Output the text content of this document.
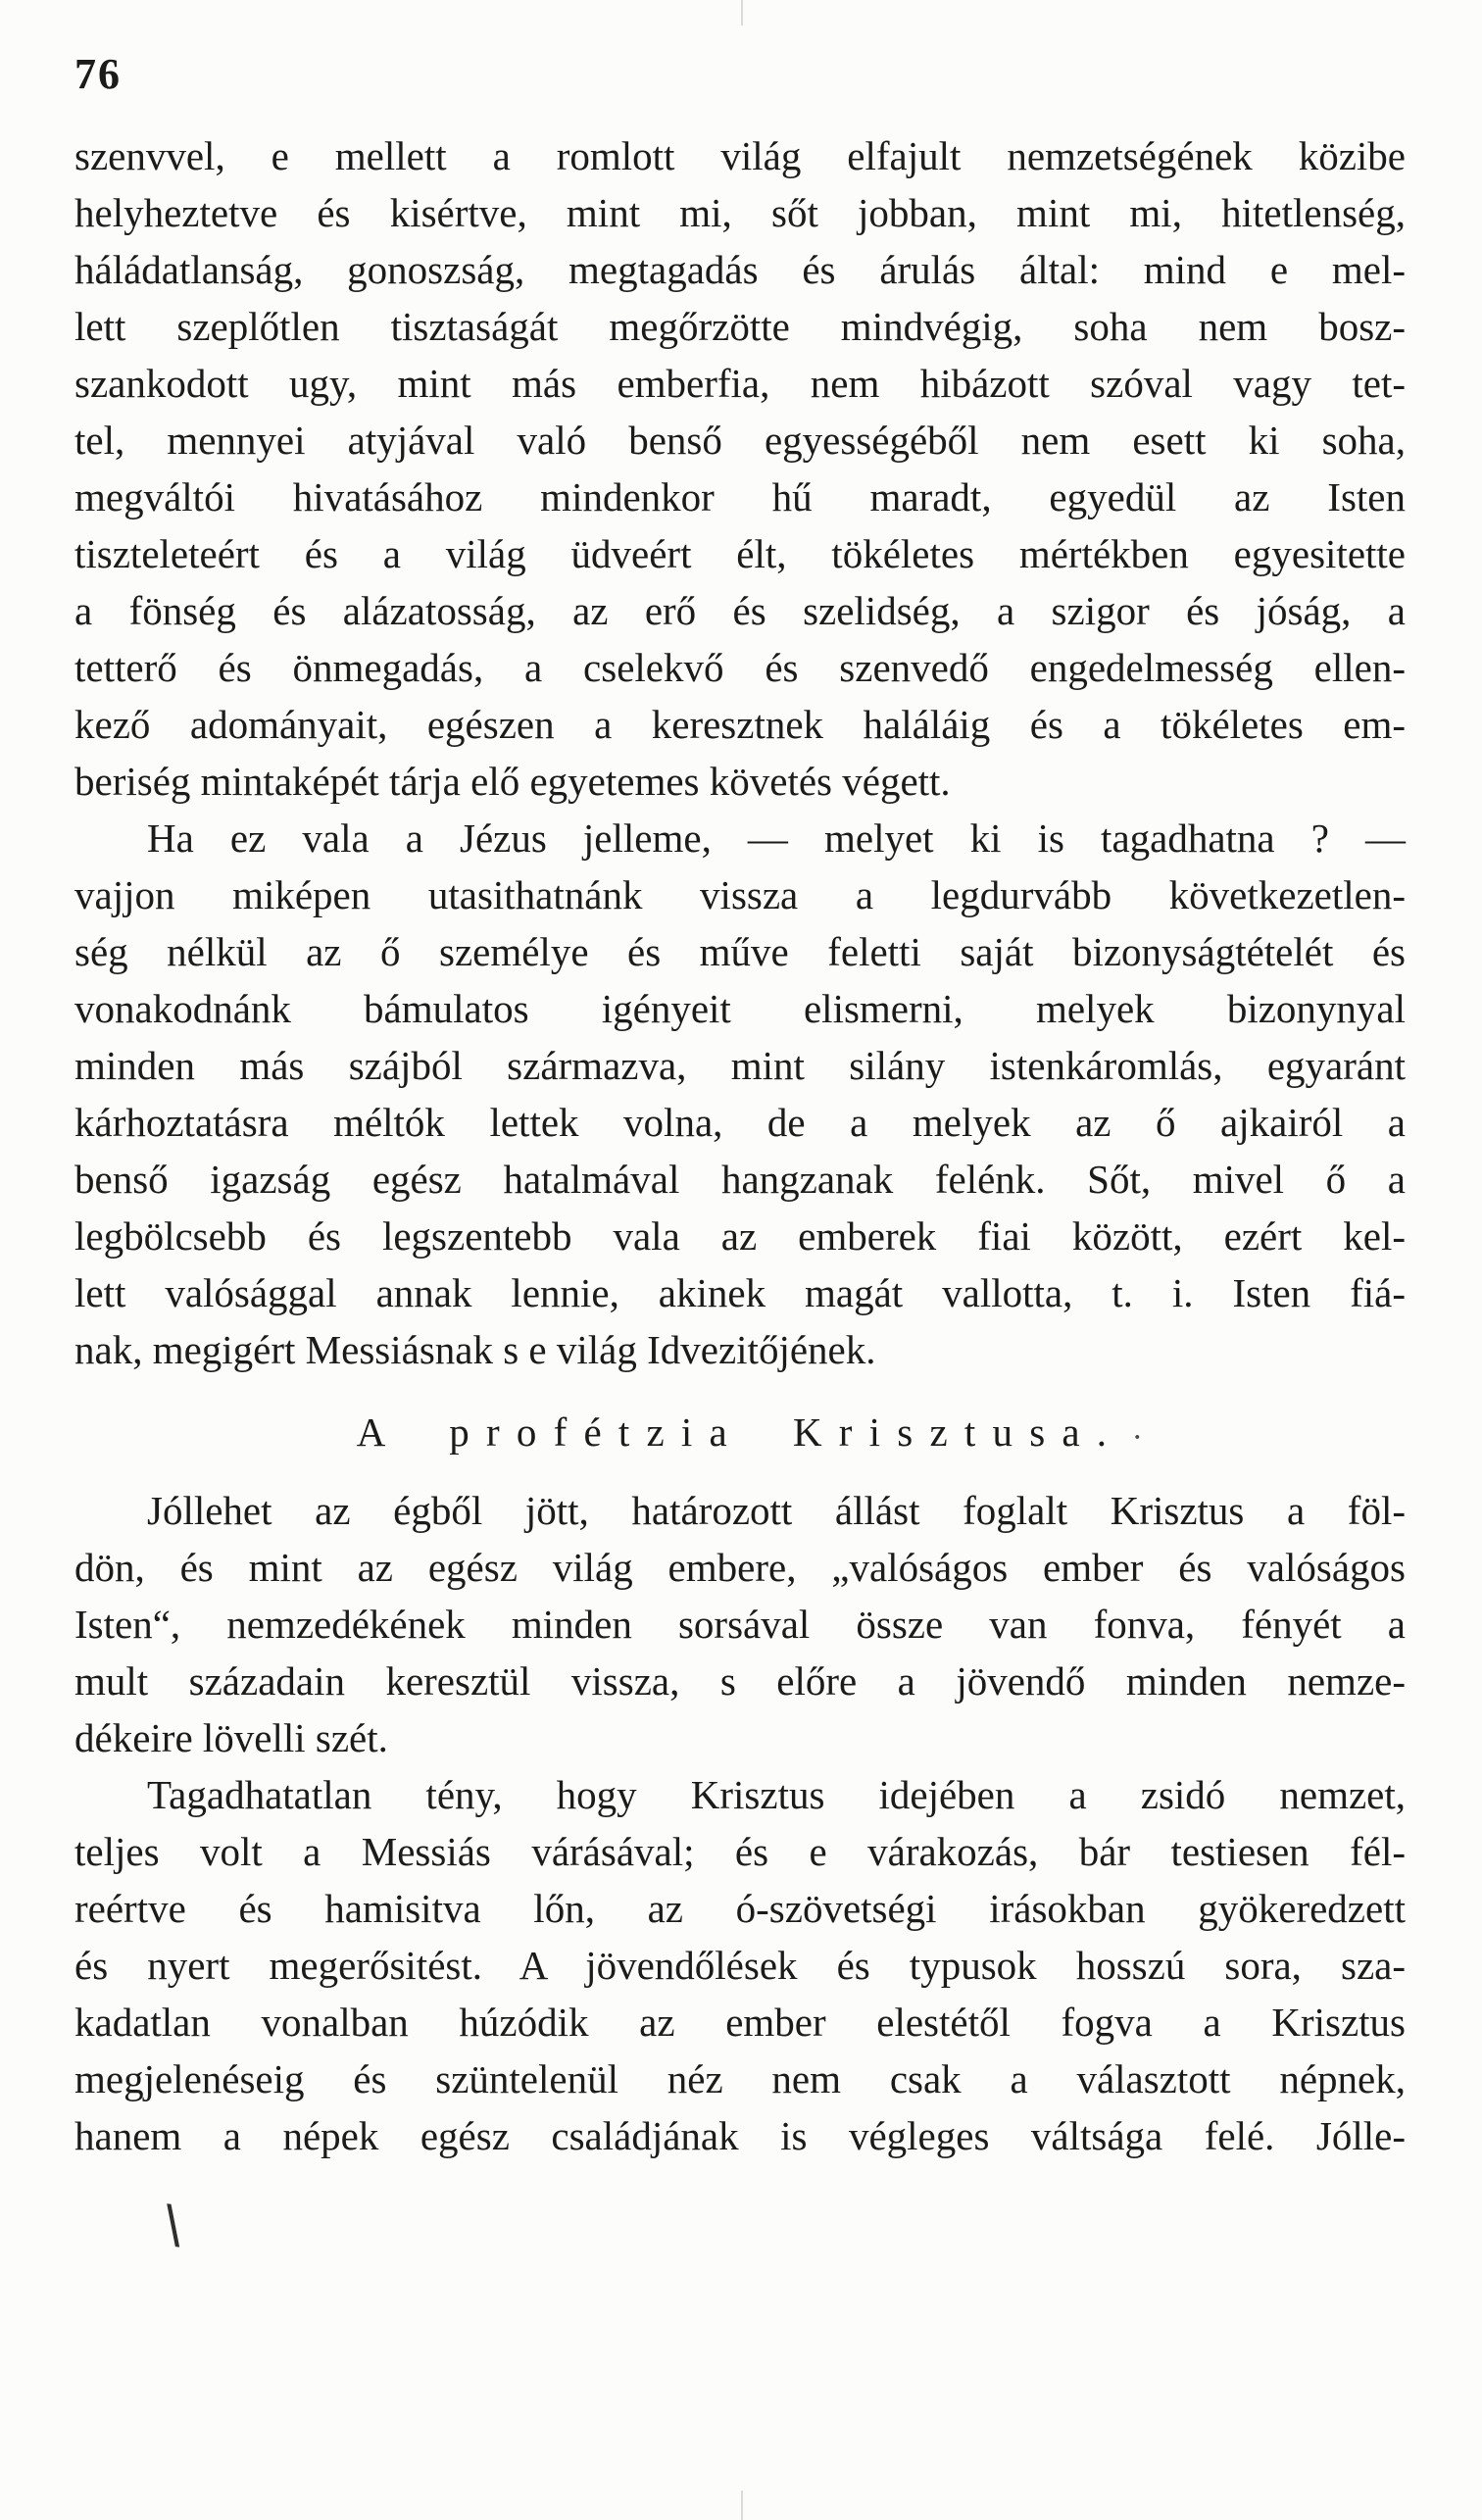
76
szenvvel, e mellett a romlott világ elfajult nemzetségének közibe
helyheztetve és kisértve, mint mi, sőt jobban, mint mi, hitetlenség,
háládatlanság, gonoszság, megtagadás és árulás által: mind e mel-
lett szeplőtlen tisztaságát megőrzötte mindvégig, soha nem bosz-
szankodott ugy, mint más emberfia, nem hibázott szóval vagy tet-
tel, mennyei atyjával való benső egyességéből nem esett ki soha,
megváltói hivatásához mindenkor hű maradt, egyedül az Isten
tiszteleteért és a világ üdveért élt, tökéletes mértékben egyesitette
a fönség és alázatosság, az erő és szelidség, a szigor és jóság, a
tetterő és önmegadás, a cselekvő és szenvedő engedelmesség ellen-
kező adományait, egészen a keresztnek haláláig és a tökéletes em-
beriség mintaképét tárja elő egyetemes követés végett.
Ha ez vala a Jézus jelleme, — melyet ki is tagadhatna ? —
vajjon miképen utasithatnánk vissza a legdurvább következetlen-
ség nélkül az ő személye és műve feletti saját bizonyságtételét és
vonakodnánk bámulatos igényeit elismerni, melyek bizonynyal
minden más szájból származva, mint silány istenkáromlás, egyaránt
kárhoztatásra méltók lettek volna, de a melyek az ő ajkairól a
benső igazság egész hatalmával hangzanak felénk. Sőt, mivel ő a
legbölcsebb és legszentebb vala az emberek fiai között, ezért kel-
lett valósággal annak lennie, akinek magát vallotta, t. i. Isten fiá-
nak, megigért Messiásnak s e világ Idvezitőjének.
A profétzia Krisztusa. ·
Jóllehet az égből jött, határozott állást foglalt Krisztus a föl-
dön, és mint az egész világ embere, „valóságos ember és valóságos
Isten“, nemzedékének minden sorsával össze van fonva, fényét a
mult századain keresztül vissza, s előre a jövendő minden nemze-
dékeire lövelli szét.
Tagadhatatlan tény, hogy Krisztus idejében a zsidó nemzet,
teljes volt a Messiás várásával; és e várakozás, bár testiesen fél-
reértve és hamisitva lőn, az ó-szövetségi irásokban gyökeredzett
és nyert megerősitést. A jövendőlések és typusok hosszú sora, sza-
kadatlan vonalban húzódik az ember elestétől fogva a Krisztus
megjelenéseig és szüntelenül néz nem csak a választott népnek,
hanem a népek egész családjának is végleges váltsága felé. Jólle-
\
